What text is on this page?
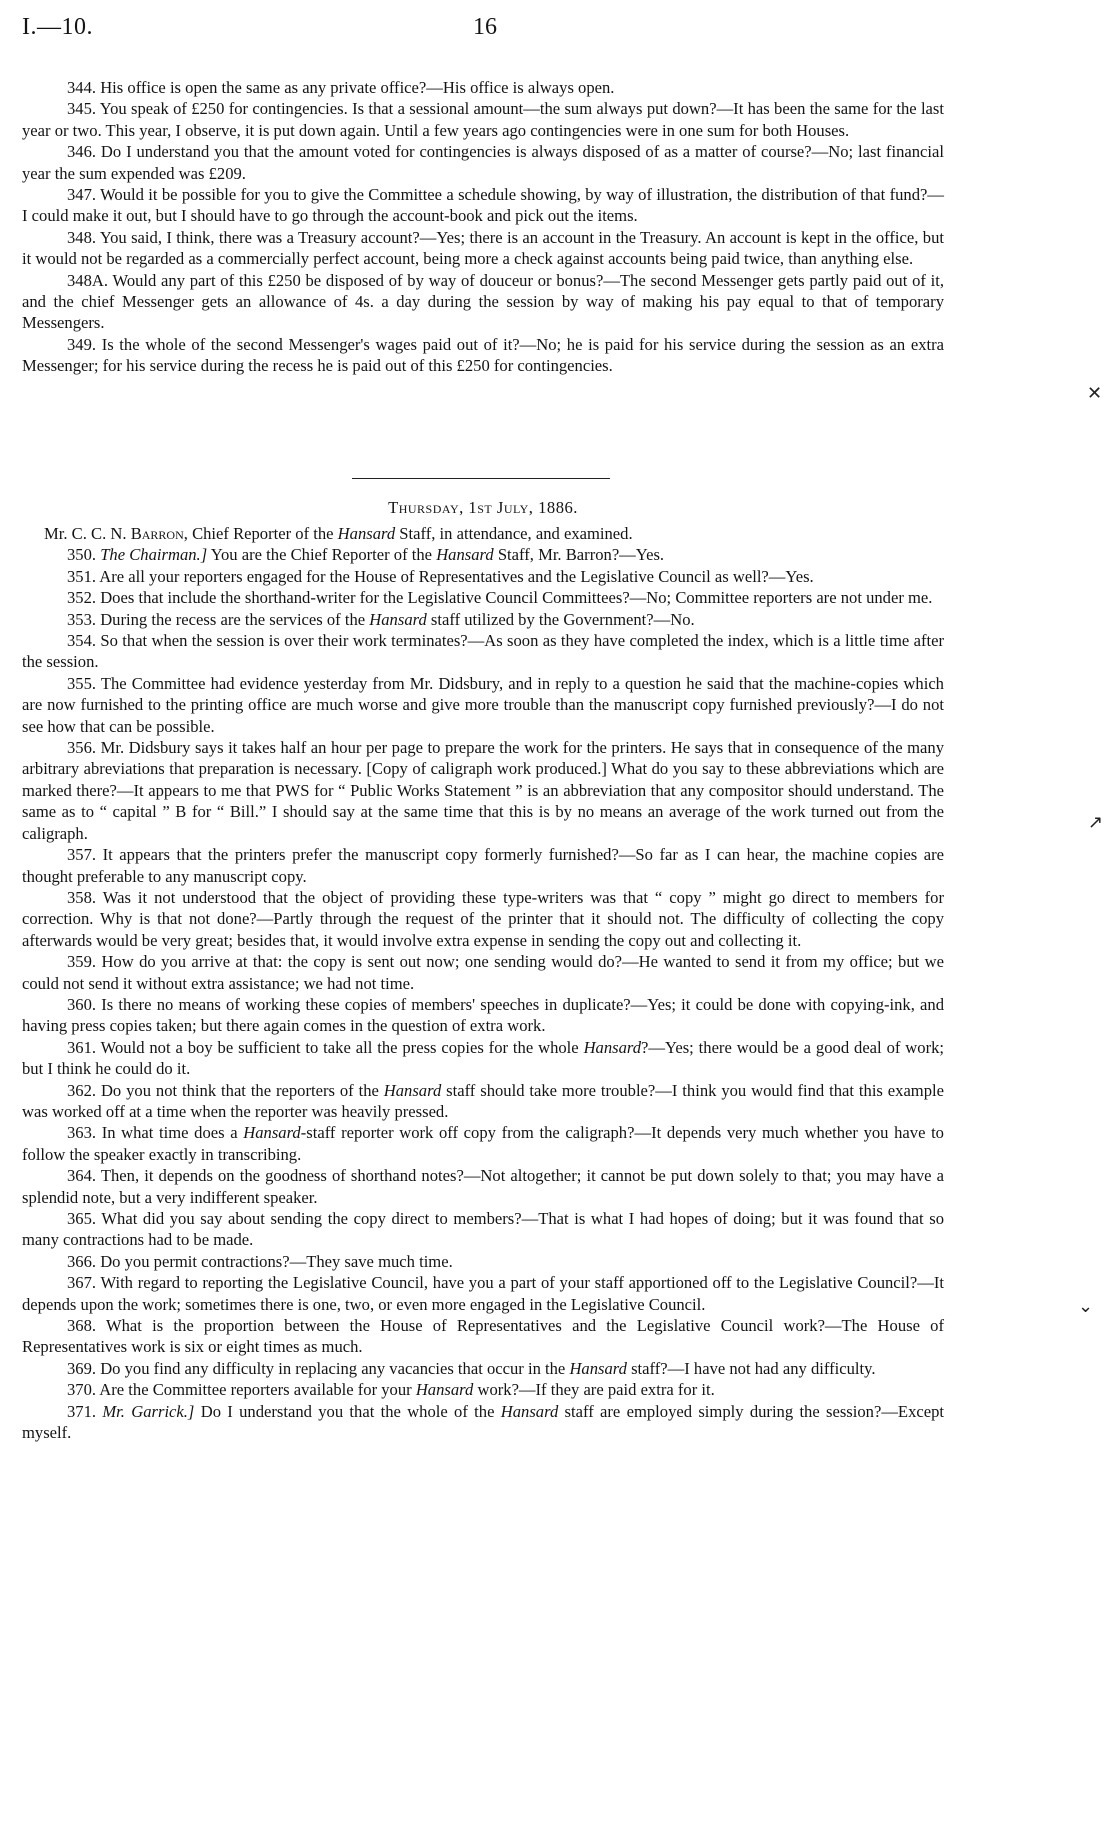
I.—10.	16

344. His office is open the same as any private office?—His office is always open.

345. You speak of £250 for contingencies. Is that a sessional amount—the sum always put down?—It has been the same for the last year or two. This year, I observe, it is put down again. Until a few years ago contingencies were in one sum for both Houses.

346. Do I understand you that the amount voted for contingencies is always disposed of as a matter of course?—No; last financial year the sum expended was £209.

347. Would it be possible for you to give the Committee a schedule showing, by way of illustration, the distribution of that fund?—I could make it out, but I should have to go through the account-book and pick out the items.

348. You said, I think, there was a Treasury account?—Yes; there is an account in the Treasury. An account is kept in the office, but it would not be regarded as a commercially perfect account, being more a check against accounts being paid twice, than anything else.

348A. Would any part of this £250 be disposed of by way of douceur or bonus?—The second Messenger gets partly paid out of it, and the chief Messenger gets an allowance of 4s. a day during the session by way of making his pay equal to that of temporary Messengers.

349. Is the whole of the second Messenger's wages paid out of it?—No; he is paid for his service during the session as an extra Messenger; for his service during the recess he is paid out of this £250 for contingencies.

Thursday, 1st July, 1886.

Mr. C. C. N. Barron, Chief Reporter of the Hansard Staff, in attendance, and examined.

350. The Chairman.] You are the Chief Reporter of the Hansard Staff, Mr. Barron?—Yes.

351. Are all your reporters engaged for the House of Representatives and the Legislative Council as well?—Yes.

352. Does that include the shorthand-writer for the Legislative Council Committees?—No; Committee reporters are not under me.

353. During the recess are the services of the Hansard staff utilized by the Government?—No.

354. So that when the session is over their work terminates?—As soon as they have completed the index, which is a little time after the session.

355. The Committee had evidence yesterday from Mr. Didsbury, and in reply to a question he said that the machine-copies which are now furnished to the printing office are much worse and give more trouble than the manuscript copy furnished previously?—I do not see how that can be possible.

356. Mr. Didsbury says it takes half an hour per page to prepare the work for the printers. He says that in consequence of the many arbitrary abreviations that preparation is necessary. [Copy of caligraph work produced.] What do you say to these abbreviations which are marked there?—It appears to me that PWS for “ Public Works Statement ” is an abbreviation that any compositor should understand. The same as to “ capital ” B for “ Bill.” I should say at the same time that this is by no means an average of the work turned out from the caligraph.

357. It appears that the printers prefer the manuscript copy formerly furnished?—So far as I can hear, the machine copies are thought preferable to any manuscript copy.

358. Was it not understood that the object of providing these type-writers was that “ copy ” might go direct to members for correction. Why is that not done?—Partly through the request of the printer that it should not. The difficulty of collecting the copy afterwards would be very great; besides that, it would involve extra expense in sending the copy out and collecting it.

359. How do you arrive at that: the copy is sent out now; one sending would do?—He wanted to send it from my office; but we could not send it without extra assistance; we had not time.

360. Is there no means of working these copies of members' speeches in duplicate?—Yes; it could be done with copying-ink, and having press copies taken; but there again comes in the question of extra work.

361. Would not a boy be sufficient to take all the press copies for the whole Hansard?—Yes; there would be a good deal of work; but I think he could do it.

362. Do you not think that the reporters of the Hansard staff should take more trouble?—I think you would find that this example was worked off at a time when the reporter was heavily pressed.

363. In what time does a Hansard-staff reporter work off copy from the caligraph?—It depends very much whether you have to follow the speaker exactly in transcribing.

364. Then, it depends on the goodness of shorthand notes?—Not altogether; it cannot be put down solely to that; you may have a splendid note, but a very indifferent speaker.

365. What did you say about sending the copy direct to members?—That is what I had hopes of doing; but it was found that so many contractions had to be made.

366. Do you permit contractions?—They save much time.

367. With regard to reporting the Legislative Council, have you a part of your staff apportioned off to the Legislative Council?—It depends upon the work; sometimes there is one, two, or even more engaged in the Legislative Council.

368. What is the proportion between the House of Representatives and the Legislative Council work?—The House of Representatives work is six or eight times as much.

369. Do you find any difficulty in replacing any vacancies that occur in the Hansard staff?—I have not had any difficulty.

370. Are the Committee reporters available for your Hansard work?—If they are paid extra for it.

371. Mr. Garrick.] Do I understand you that the whole of the Hansard staff are employed simply during the session?—Except myself.

✕
↗
⌄
